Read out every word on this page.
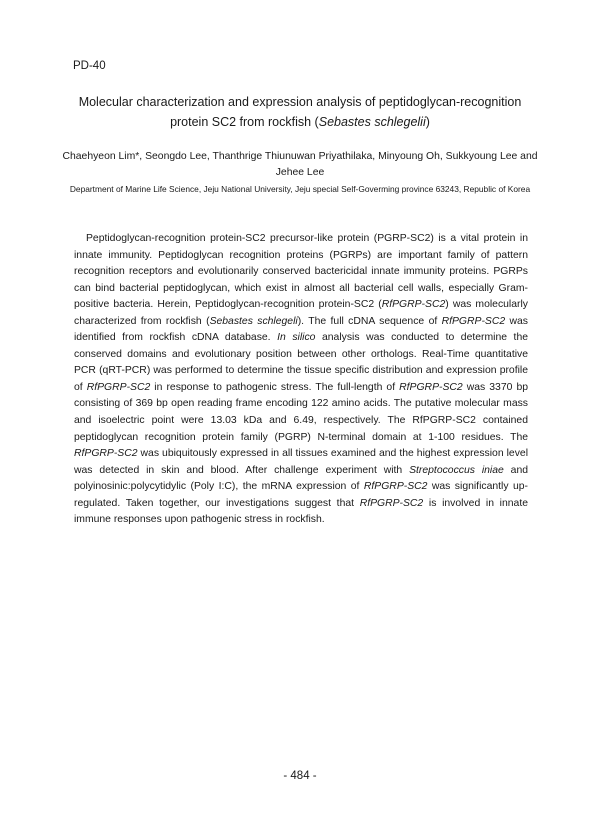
PD-40
Molecular characterization and expression analysis of peptidoglycan-recognition protein SC2 from rockfish (Sebastes schlegelii)
Chaehyeon Lim*, Seongdo Lee, Thanthrige Thiunuwan Priyathilaka, Minyoung Oh, Sukkyoung Lee and Jehee Lee
Department of Marine Life Science, Jeju National University, Jeju special Self-Goverming province 63243, Republic of Korea

Peptidoglycan-recognition protein-SC2 precursor-like protein (PGRP-SC2) is a vital protein in innate immunity. Peptidoglycan recognition proteins (PGRPs) are important family of pattern recognition receptors and evolutionarily conserved bactericidal innate immunity proteins. PGRPs can bind bacterial peptidoglycan, which exist in almost all bacterial cell walls, especially Gram-positive bacteria. Herein, Peptidoglycan-recognition protein-SC2 (RfPGRP-SC2) was molecularly characterized from rockfish (Sebastes schlegeli). The full cDNA sequence of RfPGRP-SC2 was identified from rockfish cDNA database. In silico analysis was conducted to determine the conserved domains and evolutionary position between other orthologs. Real-Time quantitative PCR (qRT-PCR) was performed to determine the tissue specific distribution and expression profile of RfPGRP-SC2 in response to pathogenic stress. The full-length of RfPGRP-SC2 was 3370 bp consisting of 369 bp open reading frame encoding 122 amino acids. The putative molecular mass and isoelectric point were 13.03 kDa and 6.49, respectively. The RfPGRP-SC2 contained peptidoglycan recognition protein family (PGRP) N-terminal domain at 1-100 residues. The RfPGRP-SC2 was ubiquitously expressed in all tissues examined and the highest expression level was detected in skin and blood. After challenge experiment with Streptococcus iniae and polyinosinic:polycytidylic (Poly I:C), the mRNA expression of RfPGRP-SC2 was significantly up-regulated. Taken together, our investigations suggest that RfPGRP-SC2 is involved in innate immune responses upon pathogenic stress in rockfish.

- 484 -
